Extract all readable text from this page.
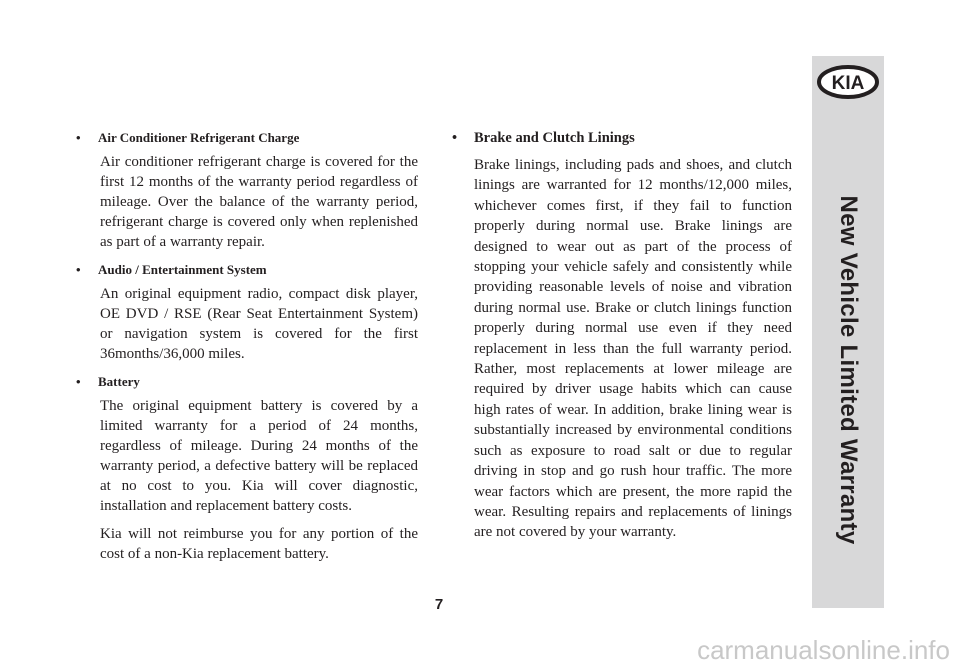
•	Air Conditioner Refrigerant Charge

Air conditioner refrigerant charge is covered for the first 12 months of the warranty period regardless of mileage. Over the balance of the warranty period, refrigerant charge is covered only when replenished as part of a warranty repair.

•	Audio / Entertainment System

An original equipment radio, compact disk player, OE DVD / RSE (Rear Seat Entertainment System) or navigation system is covered for the first 36months/36,000 miles.

•	Battery

The original equipment battery is covered by a limited warranty for a period of 24 months, regardless of mileage. During 24 months of the warranty period, a defective battery will be replaced at no cost to you. Kia will cover diagnostic, installation and replacement battery costs.

Kia will not reimburse you for any portion of the cost of a non-Kia replacement battery.

•	Brake and Clutch Linings

Brake linings, including pads and shoes, and clutch linings are warranted for 12 months/12,000 miles, whichever comes first, if they fail to function properly during normal use. Brake linings are designed to wear out as part of the process of stopping your vehicle safely and consistently while providing reasonable levels of noise and vibration during normal use. Brake or clutch linings function properly during normal use even if they need replacement in less than the full warranty period. Rather, most replacements at lower mileage are required by driver usage habits which can cause high rates of wear. In addition, brake lining wear is substantially increased by environmental conditions such as exposure to road salt or due to regular driving in stop and go rush hour traffic. The more wear factors which are present, the more rapid the wear. Resulting repairs and replacements of linings are not covered by your warranty.

7
KIA
New Vehicle Limited Warranty
carmanualsonline.info
